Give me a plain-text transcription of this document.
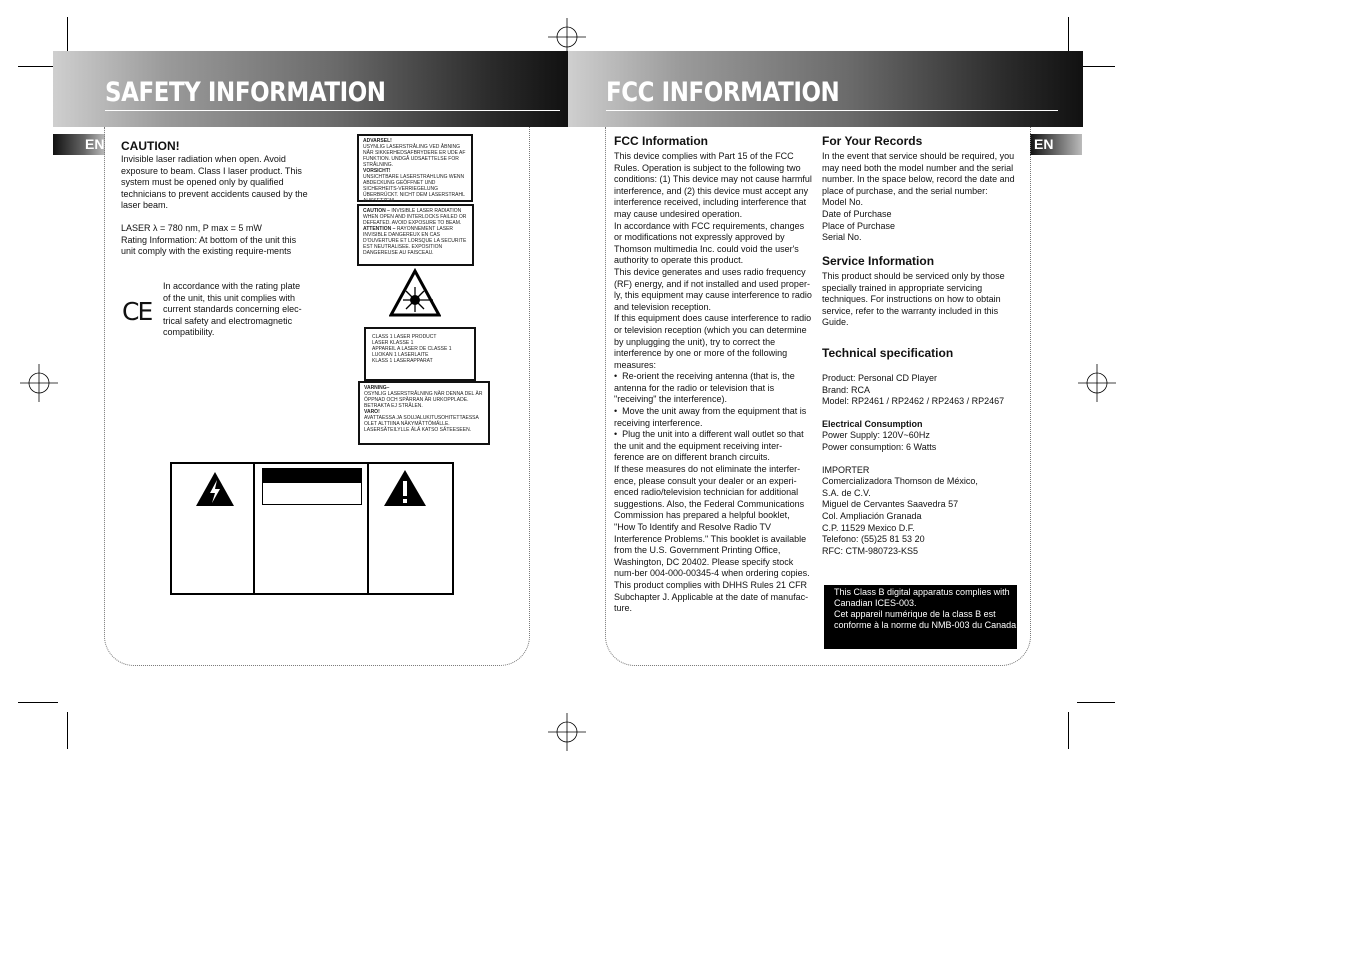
SAFETY INFORMATION	FCC INFORMATION
EN	EN
CAUTION!
Invisible laser radiation when open. Avoid exposure to beam. Class I laser product. This system must be opened only by qualified technicians to prevent accidents caused by the laser beam.
LASER λ = 780 nm, P max = 5 mW
Rating Information: At bottom of the unit this unit comply with the existing require-ments
CE
In accordance with the rating plate of the unit, this unit complies with current standards concerning elec-trical safety and electromagnetic compatibility.
ADVARSEL!
USYNLIG LASERSTRÅLING VED ÅBNING NÅR SIKKERHEDSAFBRYDERE ER UDE AF FUNKTION. UNDGÅ UDSAETTELSE FOR STRÅLNING.
VORSICHT!
UNSICHTBARE LASERSTRAHLUNG WENN ABDECKUNG GEÖFFNET UND SICHERHEITS-VERRIEGELUNG ÜBERBRÜCKT. NICHT DEM LASERSTRAHL AUSSETZEN!
CAUTION – INVISIBLE LASER RADIATION WHEN OPEN AND INTERLOCKS FAILED OR DEFEATED. AVOID EXPOSURE TO BEAM.
ATTENTION – RAYONNEMENT LASER INVISIBLE DANGEREUX EN CAS D'OUVERTURE ET LORSQUE LA SECURITE EST NEUTRALISEE. EXPOSITION DANGEREUSE AU FAISCEAU.
CLASS 1 LASER PRODUCT
LASER KLASSE 1
APPAREIL A LASER DE CLASSE 1
LUOKAN 1 LASERLAITE
KLASS 1 LASERAPPARAT
VARNING–
OSYNLIG LASERSTRÅLNING NÄR DENNA DEL ÄR ÖPPNAD OCH SPÄRRAN ÄR URKOPPLADE. BETRAKTA EJ STRÅLEN.
VARO!
AVATTAESSA JA SOUJALUKITUSOHITETTAESSA OLET ALTTIINA NÄKYMÄTTÖMÄLLE. LASERSÄTEILYLLE ÄLÄ KATSO SÄTEESEEN.
FCC Information
This device complies with Part 15 of the FCC Rules. Operation is subject to the following two conditions: (1) This device may not cause harmful interference, and (2) this device must accept any interference received, including interference that may cause undesired operation.
In accordance with FCC requirements, changes or modifications not expressly approved by Thomson multimedia Inc. could void the user's authority to operate this product.
This device generates and uses radio frequency (RF) energy, and if not installed and used proper-ly, this equipment may cause interference to radio and television reception.
If this equipment does cause interference to radio or television reception (which you can determine by unplugging the unit), try to correct the interference by one or more of the following measures:
•  Re-orient the receiving antenna (that is, the antenna for the radio or television that is "receiving" the interference).
•  Move the unit away from the equipment that is receiving interference.
•  Plug the unit into a different wall outlet so that the unit and the equipment receiving inter-ference are on different branch circuits.
If these measures do not eliminate the interfer-ence, please consult your dealer or an experi-enced radio/television technician for additional suggestions. Also, the Federal Communications Commission has prepared a helpful booklet, "How To Identify and Resolve Radio TV Interference Problems." This booklet is available from the U.S. Government Printing Office, Washington, DC 20402. Please specify stock num-ber 004-000-00345-4 when ordering copies.
This product complies with DHHS Rules 21 CFR Subchapter J. Applicable at the date of manufac-ture.
For Your Records
In the event that service should be required, you may need both the model number and the serial number. In the space below, record the date and place of purchase, and the serial number:
Model No.
Date of Purchase
Place of Purchase
Serial No.
Service Information
This product should be serviced only by those specially trained in appropriate servicing techniques. For instructions on how to obtain service, refer to the warranty included in this Guide.
Technical specification
Product: Personal CD Player
Brand: RCA
Model: RP2461 / RP2462 / RP2463 / RP2467
Electrical Consumption
Power Supply: 120V~60Hz
Power consumption: 6 Watts
IMPORTER
Comercializadora Thomson de México,
S.A. de C.V.
Miguel de Cervantes Saavedra 57
Col. Ampliación Granada
C.P. 11529 Mexico D.F.
Telefono: (55)25 81 53 20
RFC: CTM-980723-KS5
This Class B digital apparatus complies with Canadian ICES-003.
Cet appareil numérique de la class B est conforme à la norme du NMB-003 du Canada
